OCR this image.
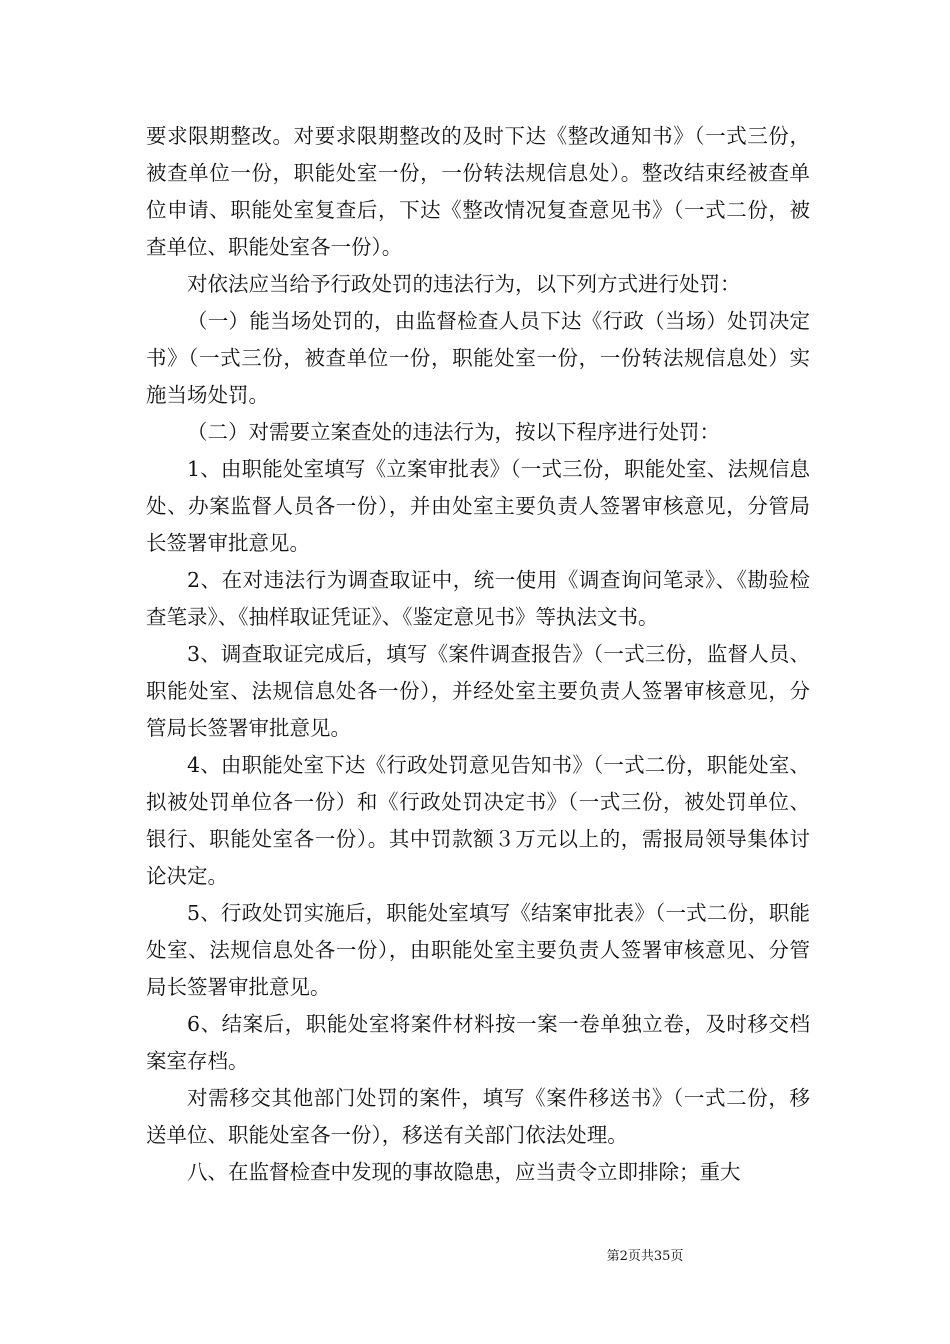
要求限期整改。对要求限期整改的及时下达《整改通知书》（一式三份，被查单位一份，职能处室一份，一份转法规信息处）。整改结束经被查单位申请、职能处室复查后，下达《整改情况复查意见书》（一式二份，被查单位、职能处室各一份）。

对依法应当给予行政处罚的违法行为，以下列方式进行处罚：

（一）能当场处罚的，由监督检查人员下达《行政（当场）处罚决定书》（一式三份，被查单位一份，职能处室一份，一份转法规信息处）实施当场处罚。

（二）对需要立案查处的违法行为，按以下程序进行处罚：

1、由职能处室填写《立案审批表》（一式三份，职能处室、法规信息处、办案监督人员各一份），并由处室主要负责人签署审核意见，分管局长签署审批意见。

2、在对违法行为调查取证中，统一使用《调查询问笔录》、《勘验检查笔录》、《抽样取证凭证》、《鉴定意见书》等执法文书。

3、调查取证完成后，填写《案件调查报告》（一式三份，监督人员、职能处室、法规信息处各一份），并经处室主要负责人签署审核意见，分管局长签署审批意见。

4、由职能处室下达《行政处罚意见告知书》（一式二份，职能处室、拟被处罚单位各一份）和《行政处罚决定书》（一式三份，被处罚单位、银行、职能处室各一份）。其中罚款额３万元以上的，需报局领导集体讨论决定。

5、行政处罚实施后，职能处室填写《结案审批表》（一式二份，职能处室、法规信息处各一份），由职能处室主要负责人签署审核意见、分管局长签署审批意见。

6、结案后，职能处室将案件材料按一案一卷单独立卷，及时移交档案室存档。

对需移交其他部门处罚的案件，填写《案件移送书》（一式二份，移送单位、职能处室各一份），移送有关部门依法处理。

八、在监督检查中发现的事故隐患，应当责令立即排除；重大

第2页共35页
